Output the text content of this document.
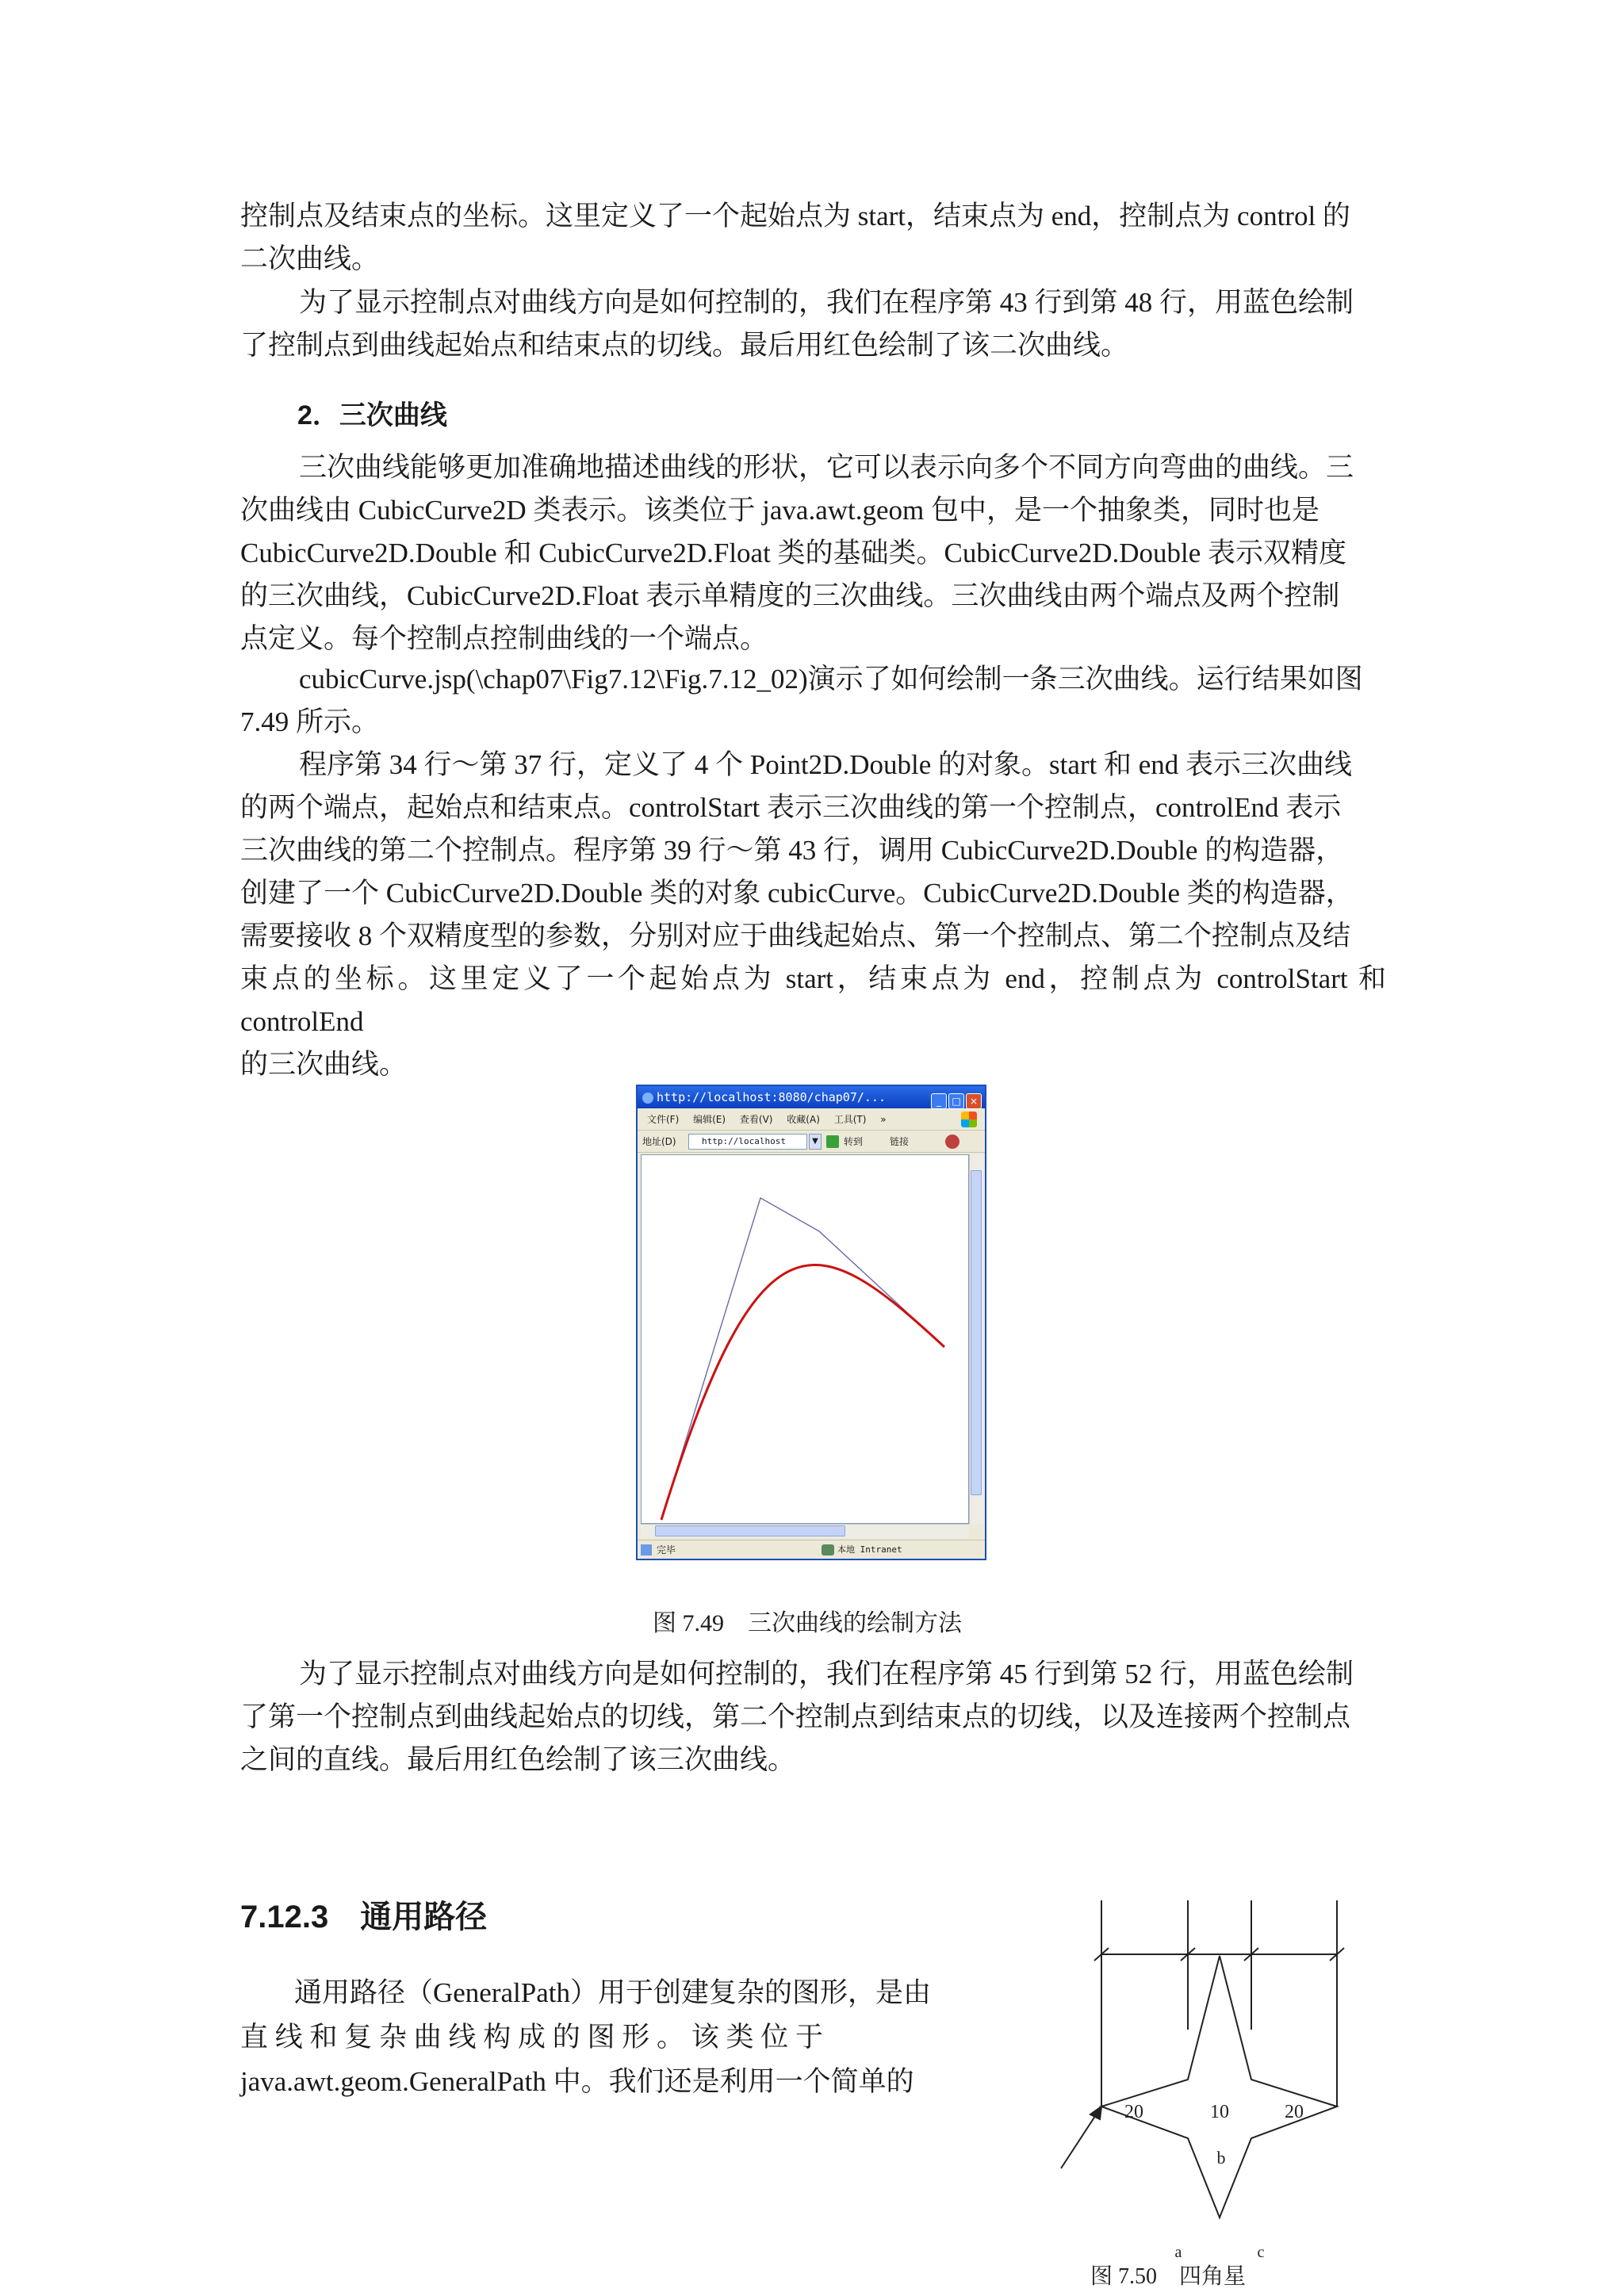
控制点及结束点的坐标。这里定义了一个起始点为 start，结束点为 end，控制点为 control 的
二次曲线。
为了显示控制点对曲线方向是如何控制的，我们在程序第 43 行到第 48 行，用蓝色绘制
了控制点到曲线起始点和结束点的切线。最后用红色绘制了该二次曲线。
2．三次曲线
三次曲线能够更加准确地描述曲线的形状，它可以表示向多个不同方向弯曲的曲线。三
次曲线由 CubicCurve2D 类表示。该类位于 java.awt.geom 包中，是一个抽象类，同时也是
CubicCurve2D.Double 和 CubicCurve2D.Float 类的基础类。CubicCurve2D.Double 表示双精度
的三次曲线，CubicCurve2D.Float 表示单精度的三次曲线。三次曲线由两个端点及两个控制
点定义。每个控制点控制曲线的一个端点。
cubicCurve.jsp(\chap07\Fig7.12\Fig.7.12_02)演示了如何绘制一条三次曲线。运行结果如图
7.49 所示。
程序第 34 行～第 37 行，定义了 4 个 Point2D.Double 的对象。start 和 end 表示三次曲线
的两个端点，起始点和结束点。controlStart 表示三次曲线的第一个控制点，controlEnd 表示
三次曲线的第二个控制点。程序第 39 行～第 43 行，调用 CubicCurve2D.Double 的构造器，
创建了一个 CubicCurve2D.Double 类的对象 cubicCurve。CubicCurve2D.Double 类的构造器，
需要接收 8 个双精度型的参数，分别对应于曲线起始点、第一个控制点、第二个控制点及结
束点的坐标。这里定义了一个起始点为 start，结束点为 end，控制点为 controlStart 和 controlEnd
的三次曲线。
http://localhost:8080/chap07/...	_ □ ×
文件(F) 编辑(E) 查看(V) 收藏(A) 工具(T) »
地址(D)	http://localhost	▼	转到	链接
完毕	本地 Intranet

图 7.49　三次曲线的绘制方法

为了显示控制点对曲线方向是如何控制的，我们在程序第 45 行到第 52 行，用蓝色绘制
了第一个控制点到曲线起始点的切线，第二个控制点到结束点的切线，以及连接两个控制点
之间的直线。最后用红色绘制了该三次曲线。
7.12.3 通用路径
通用路径（GeneralPath）用于创建复杂的图形，是由
直 线 和 复 杂 曲 线 构 成 的 图 形 。 该 类 位 于
java.awt.geom.GeneralPath 中。我们还是利用一个简单的
20	10	20
b
a	c
图 7.50　四角星
